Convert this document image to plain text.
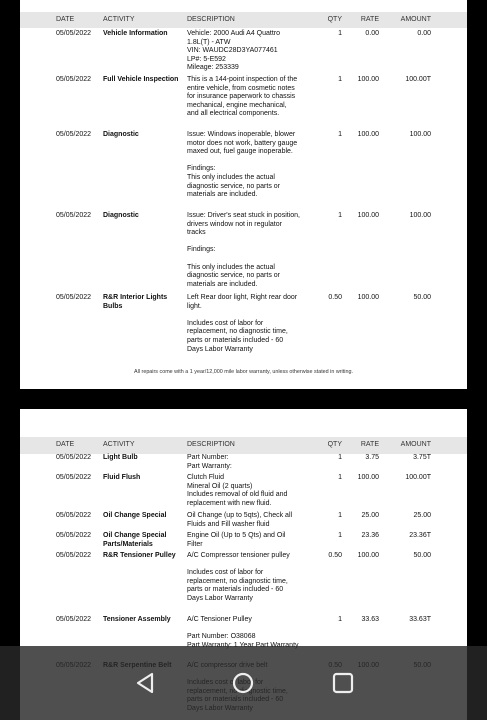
DATE	ACTIVITY	DESCRIPTION	QTY	RATE	AMOUNT
05/05/2022 Vehicle Information	Vehicle: 2000 Audi A4 Quattro
1.8L(T) - ATW
VIN: WAUDC28D3YA077461
LP#: 5-E592
Mileage: 253339
1	0.00	0.00
05/05/2022 Full Vehicle Inspection	This is a 144-point inspection of the entire vehicle, from cosmetic notes for insurance paperwork to chassis mechanical, engine mechanical, and all electrical components.
1	100.00	100.00T
05/05/2022 Diagnostic	Issue: Windows inoperable, blower motor does not work, battery gauge maxed out, fuel gauge inoperable.

Findings:
This only includes the actual diagnostic service, no parts or materials are included.
1	100.00	100.00
05/05/2022 Diagnostic	Issue: Driver's seat stuck in position, drivers window not in regulator tracks

Findings:

This only includes the actual diagnostic service, no parts or materials are included.
1	100.00	100.00
05/05/2022 R&R Interior Lights Bulbs
Left Rear door light, Right rear door light.

Includes cost of labor for replacement, no diagnostic time, parts or materials included - 60 Days Labor Warranty
0.50	100.00	50.00
All repairs come with a 1 year/12,000 mile labor warranty, unless otherwise stated in writing.
DATE	ACTIVITY	DESCRIPTION	QTY	RATE	AMOUNT
05/05/2022 Light Bulb	Part Number:
Part Warranty:
1	3.75	3.75T
05/05/2022 Fluid Flush	Clutch Fluid
Mineral Oil (2 quarts)
Includes removal of old fluid and replacement with new fluid.
1	100.00	100.00T
05/05/2022 Oil Change Special	Oil Change (up to 5qts), Check all Fluids and Fill washer fluid
1	25.00	25.00
05/05/2022 Oil Change Special Parts/Materials
Engine Oil (Up to 5 Qts) and Oil Filter
1	23.36	23.36T
05/05/2022 R&R Tensioner Pulley	A/C Compressor tensioner pulley

Includes cost of labor for replacement, no diagnostic time, parts or materials included - 60 Days Labor Warranty
0.50	100.00	50.00
05/05/2022 Tensioner Assembly	A/C Tensioner Pulley

Part Number: O38068

1	33.63	33.63T
